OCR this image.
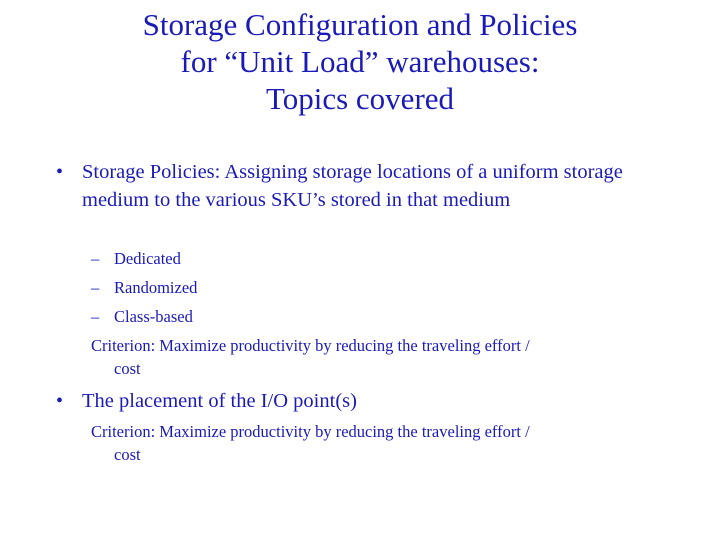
Storage Configuration and Policies
for “Unit Load” warehouses:
Topics covered
• Storage Policies: Assigning storage locations of a uniform storage medium to the various SKU’s stored in that medium
– Dedicated
– Randomized
– Class-based
Criterion: Maximize productivity by reducing the traveling effort /
cost
• The placement of the I/O point(s)
Criterion: Maximize productivity by reducing the traveling effort /
cost
